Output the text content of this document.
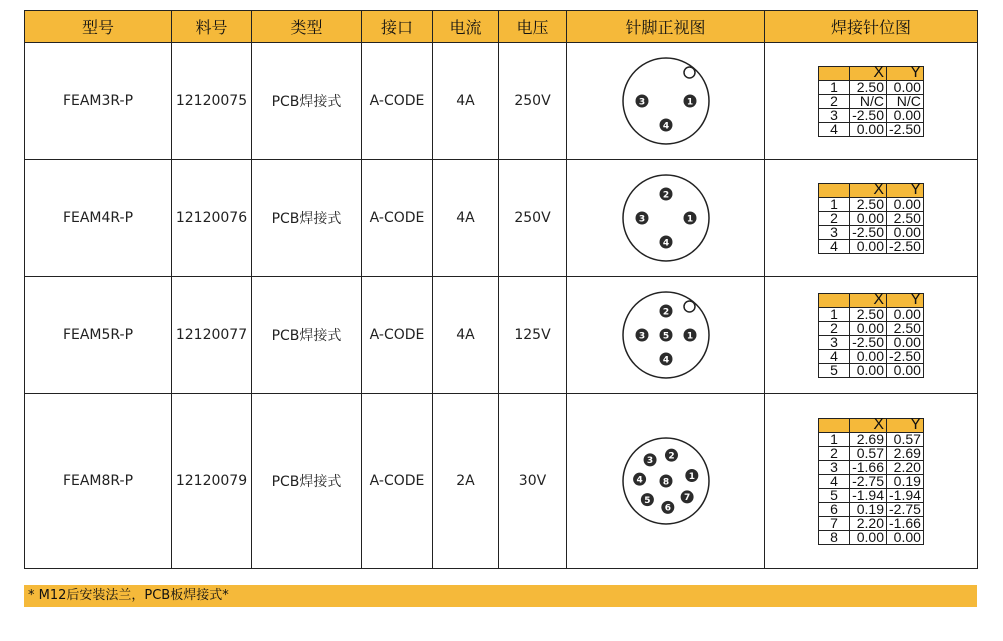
型号	料号	类型	接口	电流	电压	针脚正视图	焊接针位图
FEAM3R-P	12120075	PCB焊接式	A-CODE	4A	250V	3	1
4

	X	Y
1	2.50	0.00
2	N/C	N/C
3	-2.50	0.00
4	0.00	-2.50

FEAM4R-P	12120076	PCB焊接式	A-CODE	4A	250V	
2
3	1
4

	X	Y
1	2.50	0.00
2	0.00	2.50
3	-2.50	0.00
4	0.00	-2.50

FEAM5R-P	12120077	PCB焊接式	A-CODE	4A	125V	
2
3 5 1
4

	X	Y
1	2.50	0.00
2	0.00	2.50
3	-2.50	0.00
4	0.00	-2.50
5	0.00	0.00

FEAM8R-P	12120079	PCB焊接式	A-CODE	2A	30V	1
2
3
4
5
6
7
8

	X	Y
1	2.69	0.57
2	0.57	2.69
3	-1.66	2.20
4	-2.75	0.19
5	-1.94	-1.94
6	0.19	-2.75
7	2.20	-1.66
8	0.00	0.00
* M12后安装法兰，PCB板焊接式*
